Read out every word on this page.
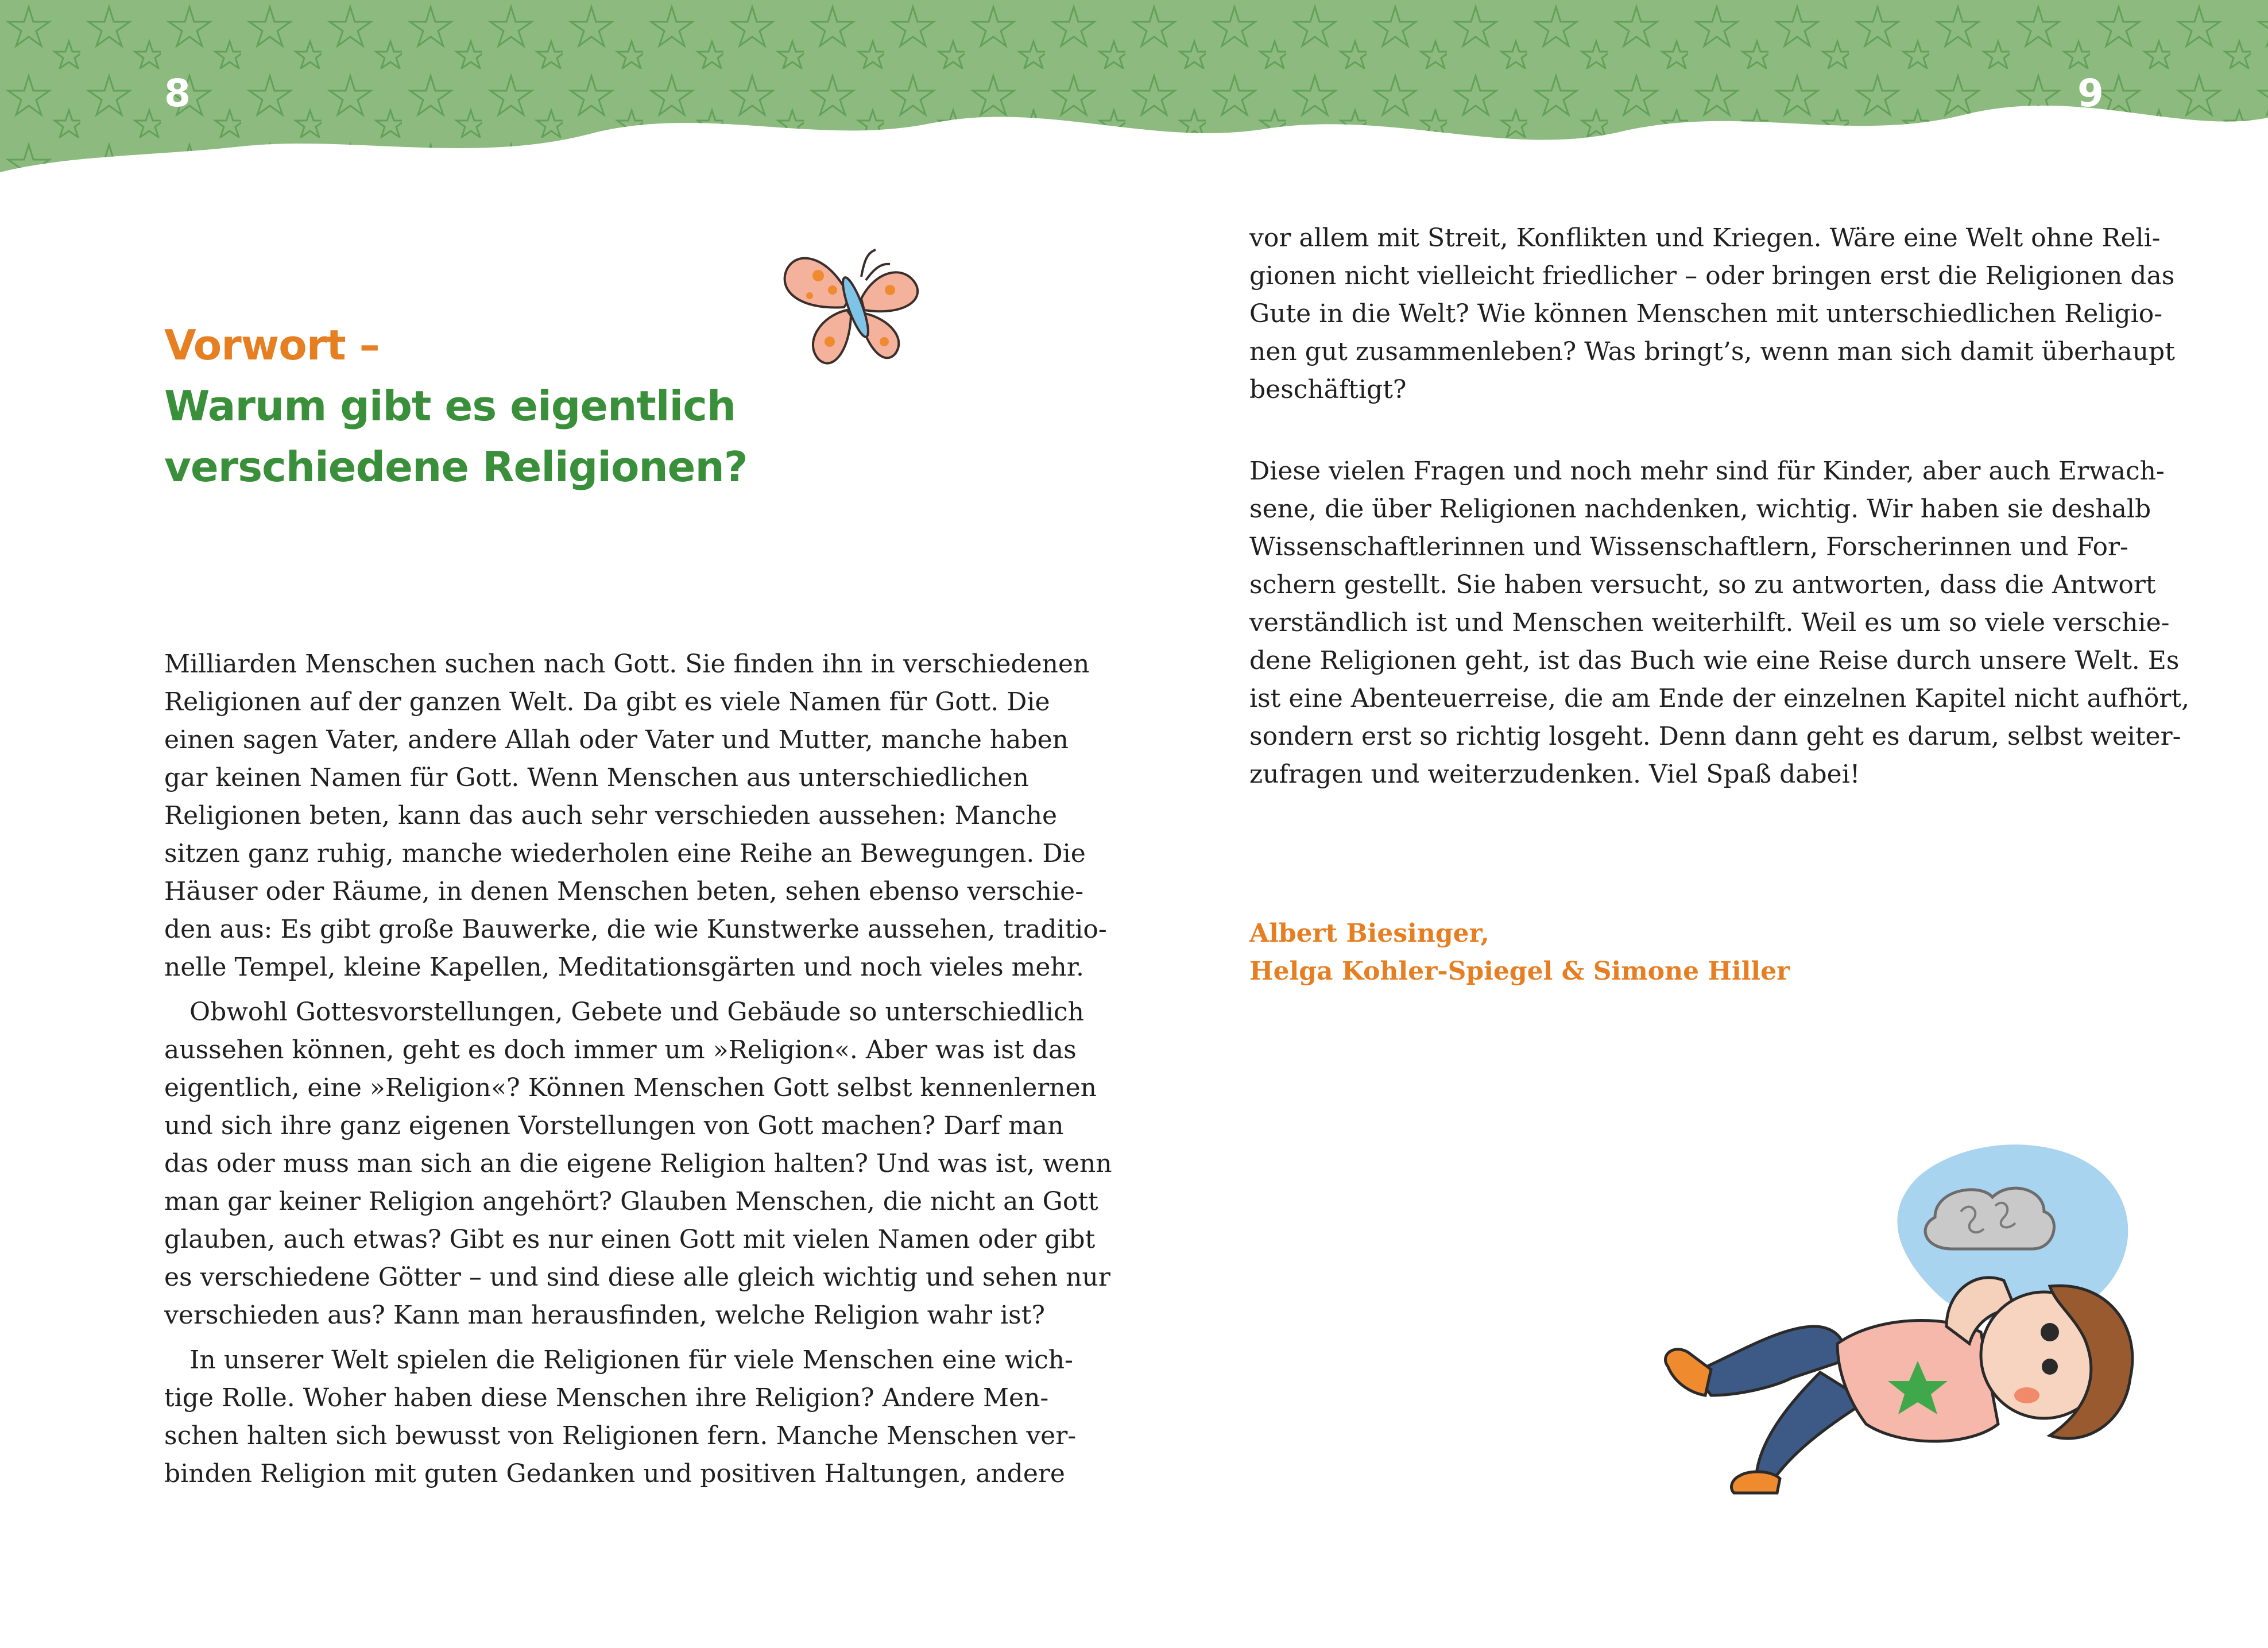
8	9
Vorwort –
Warum gibt es eigentlich
verschiedene Religionen?
Milliarden Menschen suchen nach Gott. Sie finden ihn in verschiedenen
Religionen auf der ganzen Welt. Da gibt es viele Namen für Gott. Die
einen sagen Vater, andere Allah oder Vater und Mutter, manche haben
gar keinen Namen für Gott. Wenn Menschen aus unterschiedlichen
Religionen beten, kann das auch sehr verschieden aussehen: Manche
sitzen ganz ruhig, manche wiederholen eine Reihe an Bewegungen. Die
Häuser oder Räume, in denen Menschen beten, sehen ebenso verschie-
den aus: Es gibt große Bauwerke, die wie Kunstwerke aussehen, traditio-
nelle Tempel, kleine Kapellen, Meditationsgärten und noch vieles mehr.
Obwohl Gottesvorstellungen, Gebete und Gebäude so unterschiedlich
aussehen können, geht es doch immer um »Religion«. Aber was ist das
eigentlich, eine »Religion«? Können Menschen Gott selbst kennenlernen
und sich ihre ganz eigenen Vorstellungen von Gott machen? Darf man
das oder muss man sich an die eigene Religion halten? Und was ist, wenn
man gar keiner Religion angehört? Glauben Menschen, die nicht an Gott
glauben, auch etwas? Gibt es nur einen Gott mit vielen Namen oder gibt
es verschiedene Götter – und sind diese alle gleich wichtig und sehen nur
verschieden aus? Kann man herausfinden, welche Religion wahr ist?
In unserer Welt spielen die Religionen für viele Menschen eine wich-
tige Rolle. Woher haben diese Menschen ihre Religion? Andere Men-
schen halten sich bewusst von Religionen fern. Manche Menschen ver-
binden Religion mit guten Gedanken und positiven Haltungen, andere
vor allem mit Streit, Konflikten und Kriegen. Wäre eine Welt ohne Reli-
gionen nicht vielleicht friedlicher – oder bringen erst die Religionen das
Gute in die Welt? Wie können Menschen mit unterschiedlichen Religio-
nen gut zusammenleben? Was bringt’s, wenn man sich damit überhaupt
beschäftigt?
Diese vielen Fragen und noch mehr sind für Kinder, aber auch Erwach-
sene, die über Religionen nachdenken, wichtig. Wir haben sie deshalb
Wissenschaftlerinnen und Wissenschaftlern, Forscherinnen und For-
schern gestellt. Sie haben versucht, so zu antworten, dass die Antwort
verständlich ist und Menschen weiterhilft. Weil es um so viele verschie-
dene Religionen geht, ist das Buch wie eine Reise durch unsere Welt. Es
ist eine Abenteuerreise, die am Ende der einzelnen Kapitel nicht aufhört,
sondern erst so richtig losgeht. Denn dann geht es darum, selbst weiter-
zufragen und weiterzudenken. Viel Spaß dabei!
Albert Biesinger,
Helga Kohler-Spiegel & Simone Hiller
